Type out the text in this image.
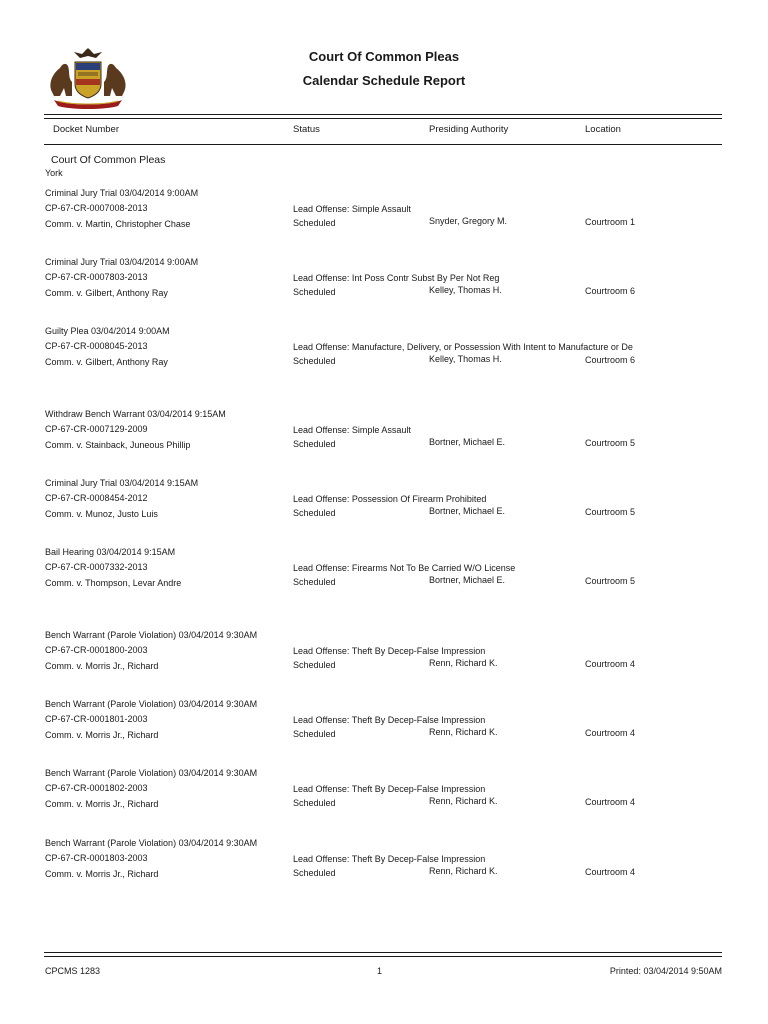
Court Of Common Pleas
Calendar Schedule Report
Docket Number	Status	Presiding Authority	Location
Court Of Common Pleas
York
Criminal Jury Trial 03/04/2014 9:00AM
CP-67-CR-0007008-2013
Comm. v. Martin, Christopher Chase
Lead Offense: Simple Assault
Scheduled	Snyder, Gregory M.	Courtroom 1
Criminal Jury Trial 03/04/2014 9:00AM
CP-67-CR-0007803-2013
Comm. v. Gilbert, Anthony Ray
Lead Offense: Int Poss Contr Subst By Per Not Reg
Scheduled	Kelley, Thomas H.	Courtroom 6
Guilty Plea 03/04/2014 9:00AM
CP-67-CR-0008045-2013
Comm. v. Gilbert, Anthony Ray
Lead Offense: Manufacture, Delivery, or Possession With Intent to Manufacture or De
Scheduled	Kelley, Thomas H.	Courtroom 6
Withdraw Bench Warrant 03/04/2014 9:15AM
CP-67-CR-0007129-2009
Comm. v. Stainback, Juneous Phillip
Lead Offense: Simple Assault
Scheduled	Bortner, Michael E.	Courtroom 5
Criminal Jury Trial 03/04/2014 9:15AM
CP-67-CR-0008454-2012
Comm. v. Munoz, Justo Luis
Lead Offense: Possession Of Firearm Prohibited
Scheduled	Bortner, Michael E.	Courtroom 5
Bail Hearing 03/04/2014 9:15AM
CP-67-CR-0007332-2013
Comm. v. Thompson, Levar Andre
Lead Offense: Firearms Not To Be Carried W/O License
Scheduled	Bortner, Michael E.	Courtroom 5
Bench Warrant (Parole Violation) 03/04/2014 9:30AM
CP-67-CR-0001800-2003
Comm. v. Morris Jr., Richard
Lead Offense: Theft By Decep-False Impression
Scheduled	Renn, Richard K.	Courtroom 4
Bench Warrant (Parole Violation) 03/04/2014 9:30AM
CP-67-CR-0001801-2003
Comm. v. Morris Jr., Richard
Lead Offense: Theft By Decep-False Impression
Scheduled	Renn, Richard K.	Courtroom 4
Bench Warrant (Parole Violation) 03/04/2014 9:30AM
CP-67-CR-0001802-2003
Comm. v. Morris Jr., Richard
Lead Offense: Theft By Decep-False Impression
Scheduled	Renn, Richard K.	Courtroom 4
Bench Warrant (Parole Violation) 03/04/2014 9:30AM
CP-67-CR-0001803-2003
Comm. v. Morris Jr., Richard
Lead Offense: Theft By Decep-False Impression
Scheduled	Renn, Richard K.	Courtroom 4
CPCMS 1283	1	Printed: 03/04/2014 9:50AM
